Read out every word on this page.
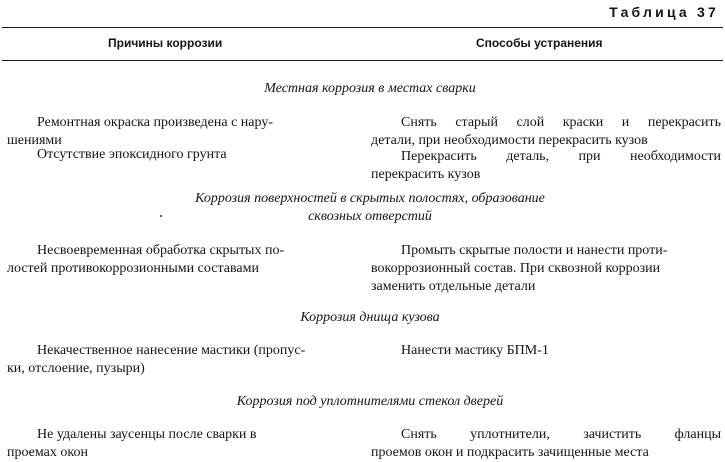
Таблица 37
Причины коррозии	Способы устранения
Местная коррозия в местах сварки
Ремонтная окраска произведена с нару-
шениями
Снять старый слой краски и перекрасить
детали, при необходимости перекрасить кузов
Отсутствие эпоксидного грунта	Перекрасить деталь, при необходимости
перекрасить кузов
Коррозия поверхностей в скрытых полостях, образование
сквозных отверстий
Несвоевременная обработка скрытых по-
лостей противокоррозионными составами
Промыть скрытые полости и нанести проти-
вокоррозионный состав. При сквозной коррозии
заменить отдельные детали
Коррозия днища кузова
Некачественное нанесение мастики (пропус-
ки, отслоение, пузыри)
Нанести мастику БПМ-1
Коррозия под уплотнителями стекол дверей
Не удалены заусенцы после сварки в
проемах окон
Снять уплотнители, зачистить фланцы
проемов окон и подкрасить зачищенные места
